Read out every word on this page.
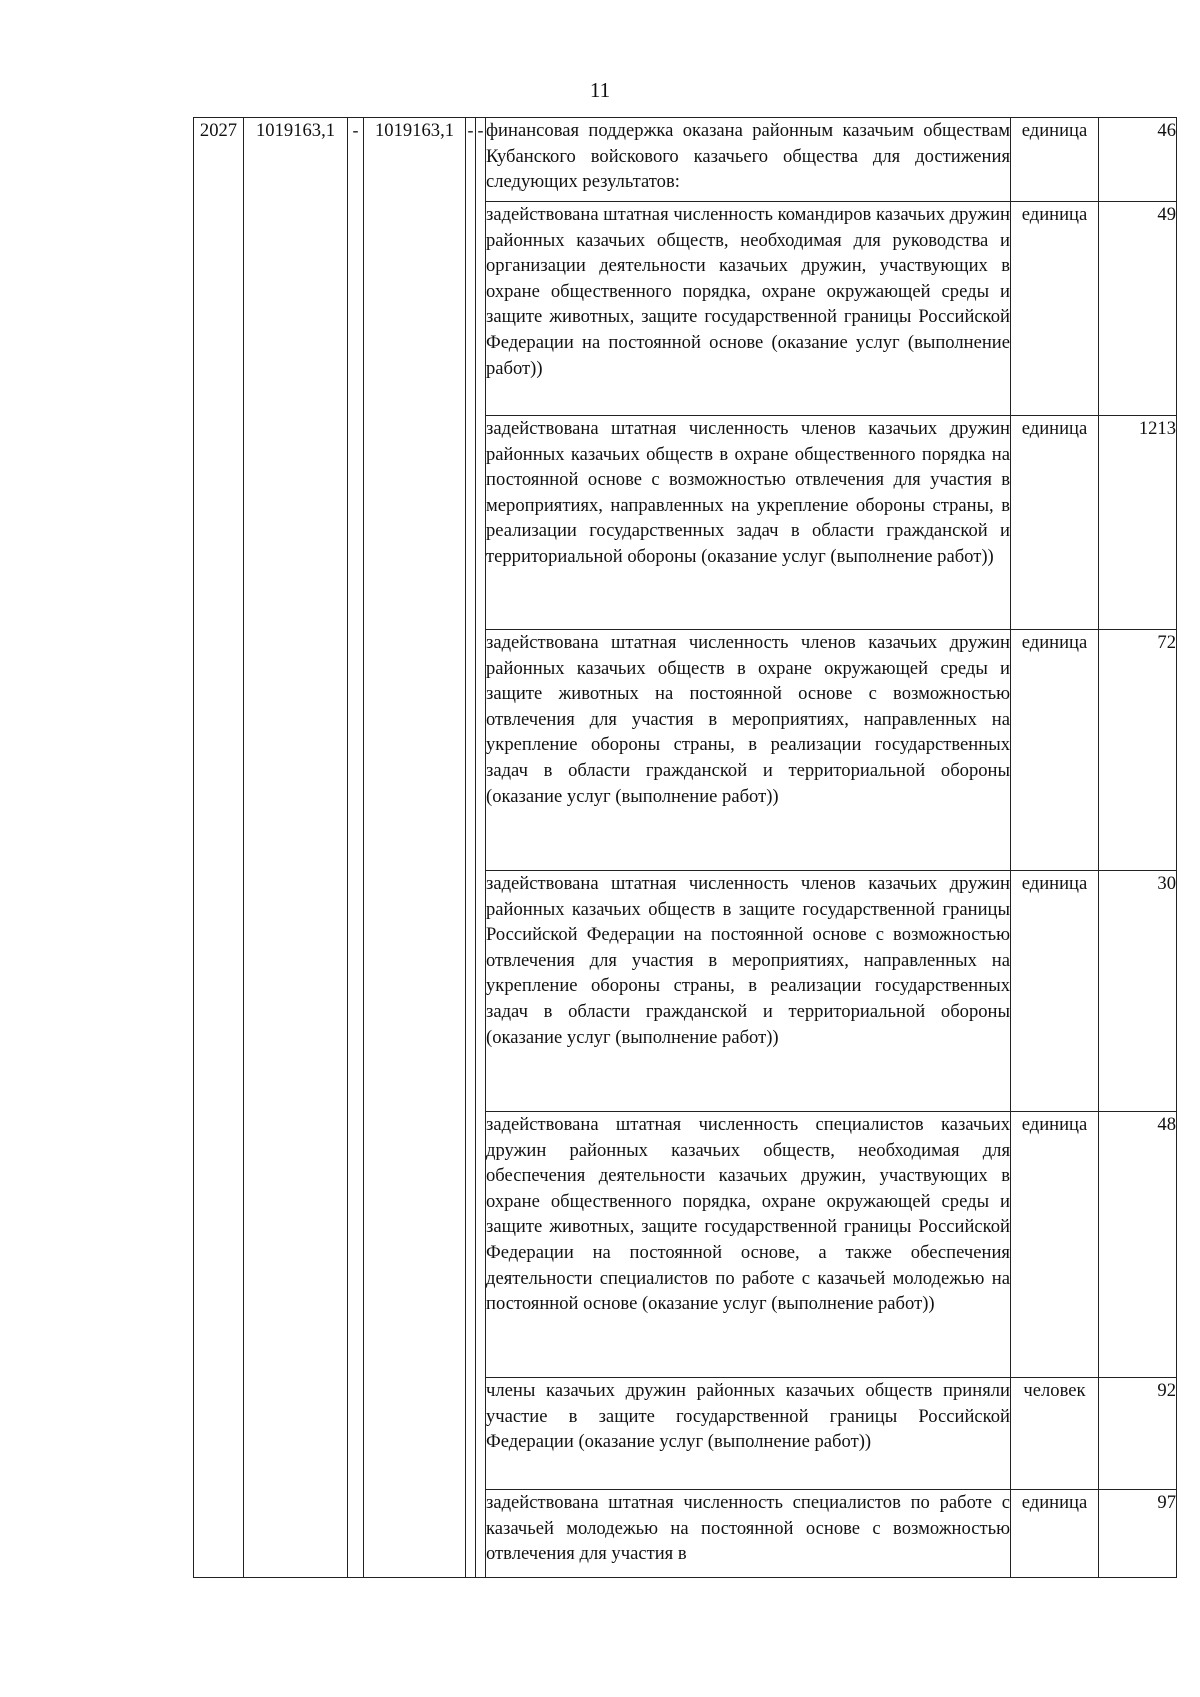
11
2027	1019163,1	-	1019163,1	-	-	финансовая поддержка оказана районным казачьим обществам Кубанского войскового казачьего общества для достижения следующих результатов:	единица	46
						задействована штатная численность командиров казачьих дружин районных казачьих обществ, необходимая для руководства и организации деятельности казачьих дружин, участвующих в охране общественного порядка, охране окружающей среды и защите животных, защите государственной границы Российской Федерации на постоянной основе (оказание услуг (выполнение работ))	единица	49
						задействована штатная численность членов казачьих дружин районных казачьих обществ в охране общественного порядка на постоянной основе с возможностью отвлечения для участия в мероприятиях, направленных на укрепление обороны страны, в реализации государственных задач в области гражданской и территориальной обороны (оказание услуг (выполнение работ))	единица	1213
						задействована штатная численность членов казачьих дружин районных казачьих обществ в охране окружающей среды и защите животных на постоянной основе с возможностью отвлечения для участия в мероприятиях, направленных на укрепление обороны страны, в реализации государственных задач в области гражданской и территориальной обороны (оказание услуг (выполнение работ))	единица	72
						задействована штатная численность членов казачьих дружин районных казачьих обществ в защите государственной границы Российской Федерации на постоянной основе с возможностью отвлечения для участия в мероприятиях, направленных на укрепление обороны страны, в реализации государственных задач в области гражданской и территориальной обороны (оказание услуг (выполнение работ))	единица	30
						задействована штатная численность специалистов казачьих дружин районных казачьих обществ, необходимая для обеспечения деятельности казачьих дружин, участвующих в охране общественного порядка, охране окружающей среды и защите животных, защите государственной границы Российской Федерации на постоянной основе, а также обеспечения деятельности специалистов по работе с казачьей молодежью на постоянной основе (оказание услуг (выполнение работ))	единица	48
						члены казачьих дружин районных казачьих обществ приняли участие в защите государственной границы Российской Федерации (оказание услуг (выполнение работ))	человек	92
						задействована штатная численность специалистов по работе с казачьей молодежью на постоянной основе с возможностью отвлечения для участия в	единица	97
